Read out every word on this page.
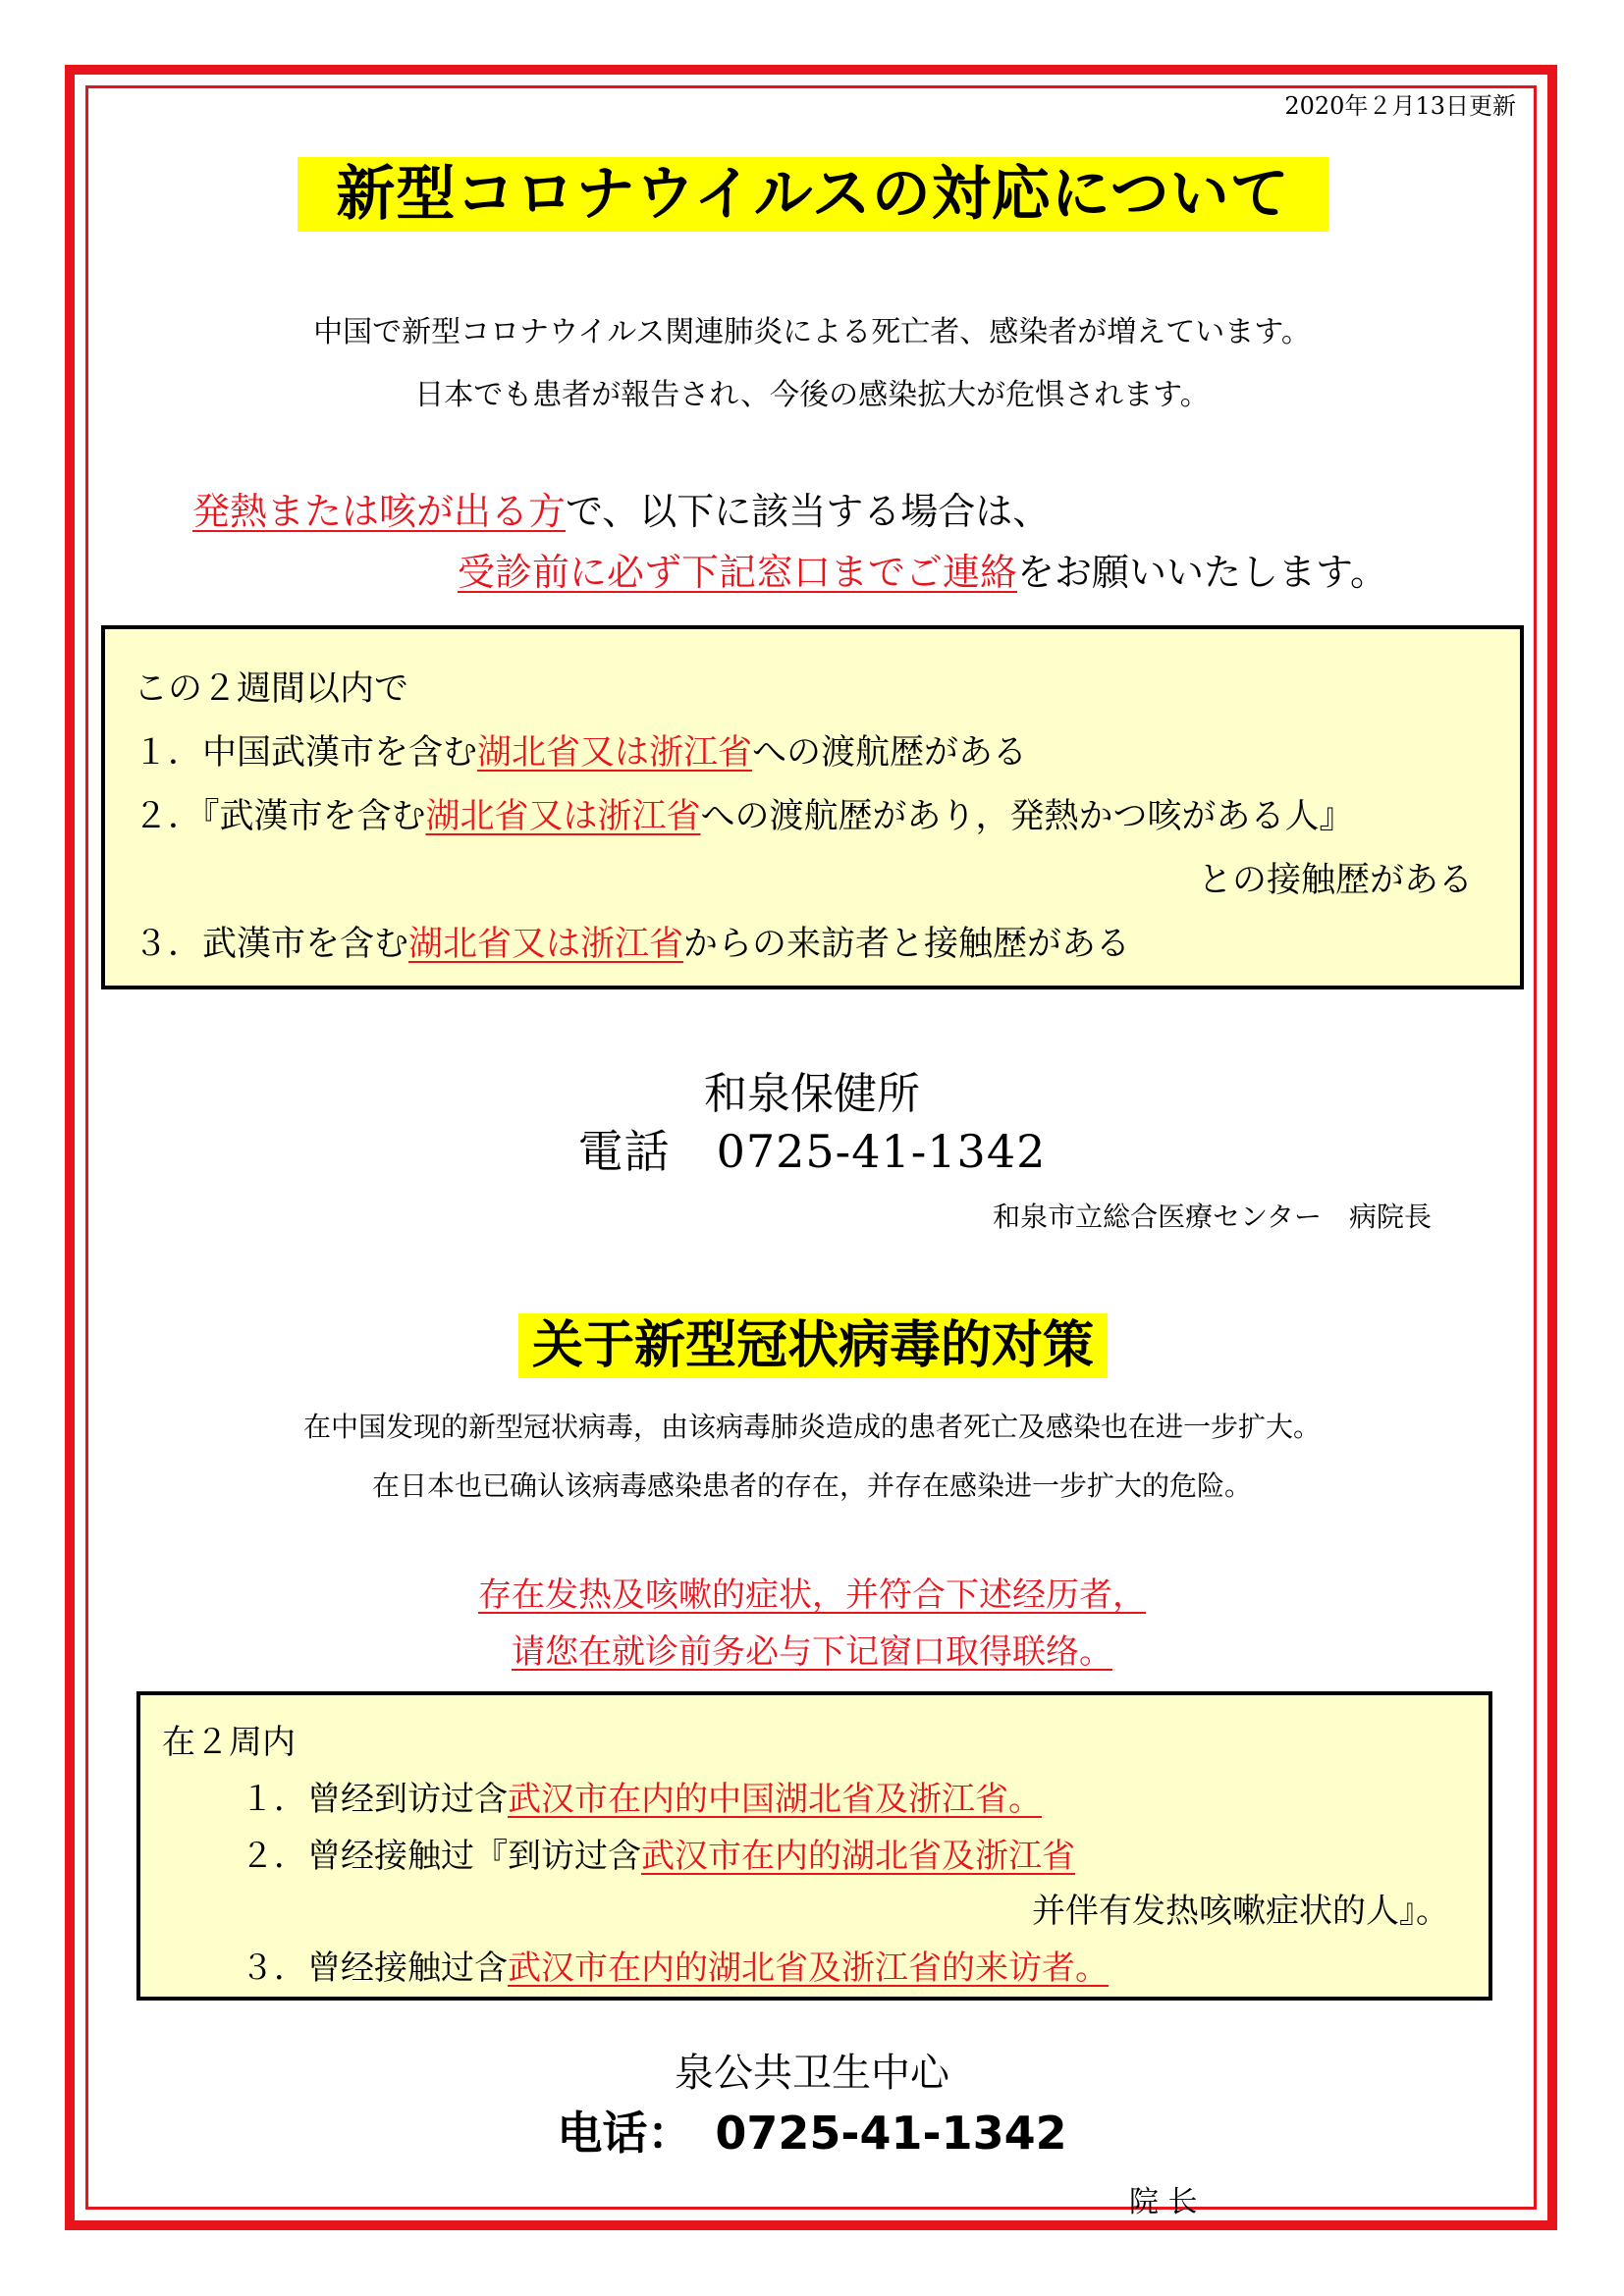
2020年２月13日更新
新型コロナウイルスの対応について
中国で新型コロナウイルス関連肺炎による死亡者、感染者が増えています。
日本でも患者が報告され、今後の感染拡大が危惧されます。
発熱または咳が出る方で、以下に該当する場合は、
受診前に必ず下記窓口までご連絡をお願いいたします。
この２週間以内で
１．中国武漢市を含む湖北省又は浙江省への渡航歴がある
２．『武漢市を含む湖北省又は浙江省への渡航歴があり，発熱かつ咳がある人』
との接触歴がある
３．武漢市を含む湖北省又は浙江省からの来訪者と接触歴がある
和泉保健所
電話　0725-41-1342
和泉市立総合医療センター　病院長
关于新型冠状病毒的对策
在中国发现的新型冠状病毒，由该病毒肺炎造成的患者死亡及感染也在进一步扩大。
在日本也已确认该病毒感染患者的存在，并存在感染进一步扩大的危险。
存在发热及咳嗽的症状，并符合下述经历者，
请您在就诊前务必与下记窗口取得联络。
在２周内
１．曾经到访过含武汉市在内的中国湖北省及浙江省。
２．曾经接触过『到访过含武汉市在内的湖北省及浙江省
并伴有发热咳嗽症状的人』。
３．曾经接触过含武汉市在内的湖北省及浙江省的来访者。
泉公共卫生中心
电话：　0725-41-1342
院 长
